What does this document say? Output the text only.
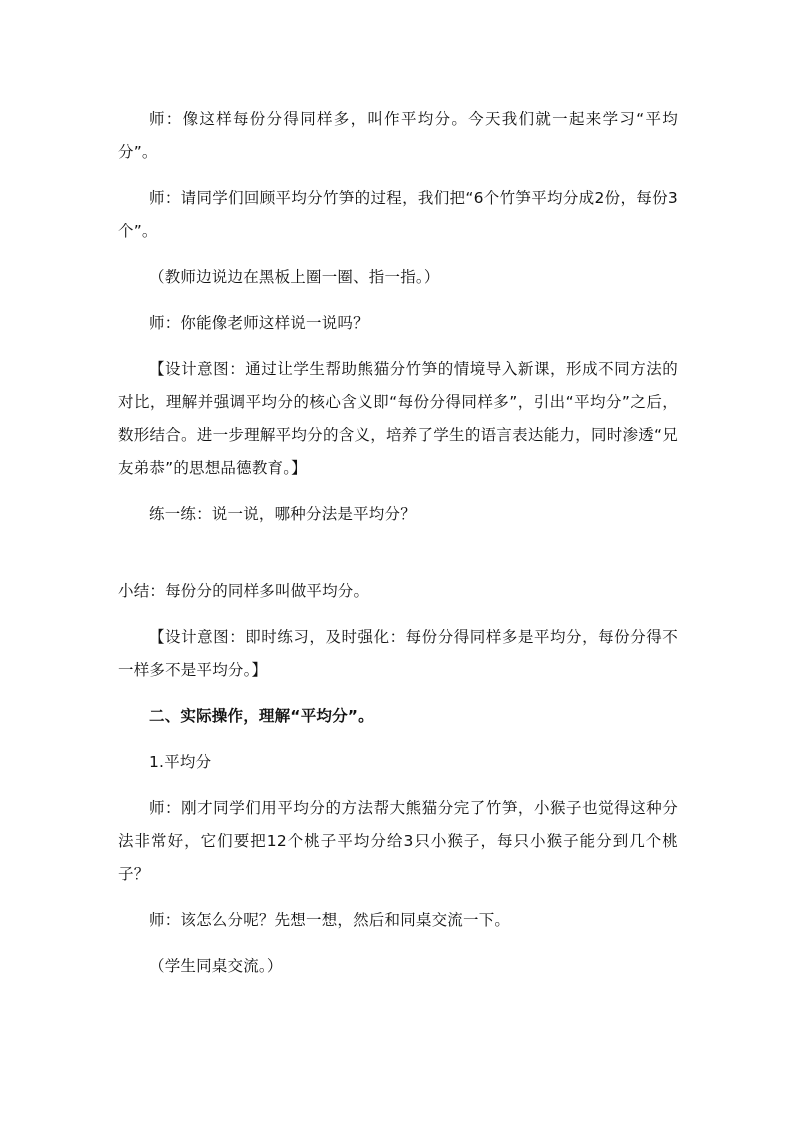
师：像这样每份分得同样多，叫作平均分。今天我们就一起来学习“平均分”。

师：请同学们回顾平均分竹笋的过程，我们把“6个竹笋平均分成2份，每份3个”。

（教师边说边在黑板上圈一圈、指一指。）

师：你能像老师这样说一说吗？

【设计意图：通过让学生帮助熊猫分竹笋的情境导入新课，形成不同方法的对比，理解并强调平均分的核心含义即“每份分得同样多”，引出“平均分”之后，数形结合。进一步理解平均分的含义，培养了学生的语言表达能力，同时渗透“兄友弟恭”的思想品德教育。】

练一练：说一说，哪种分法是平均分？

小结：每份分的同样多叫做平均分。

【设计意图：即时练习，及时强化：每份分得同样多是平均分，每份分得不一样多不是平均分。】

二、实际操作，理解“平均分”。

1.平均分

师：刚才同学们用平均分的方法帮大熊猫分完了竹笋，小猴子也觉得这种分法非常好，它们要把12个桃子平均分给3只小猴子，每只小猴子能分到几个桃子？

师：该怎么分呢？先想一想，然后和同桌交流一下。

（学生同桌交流。）
